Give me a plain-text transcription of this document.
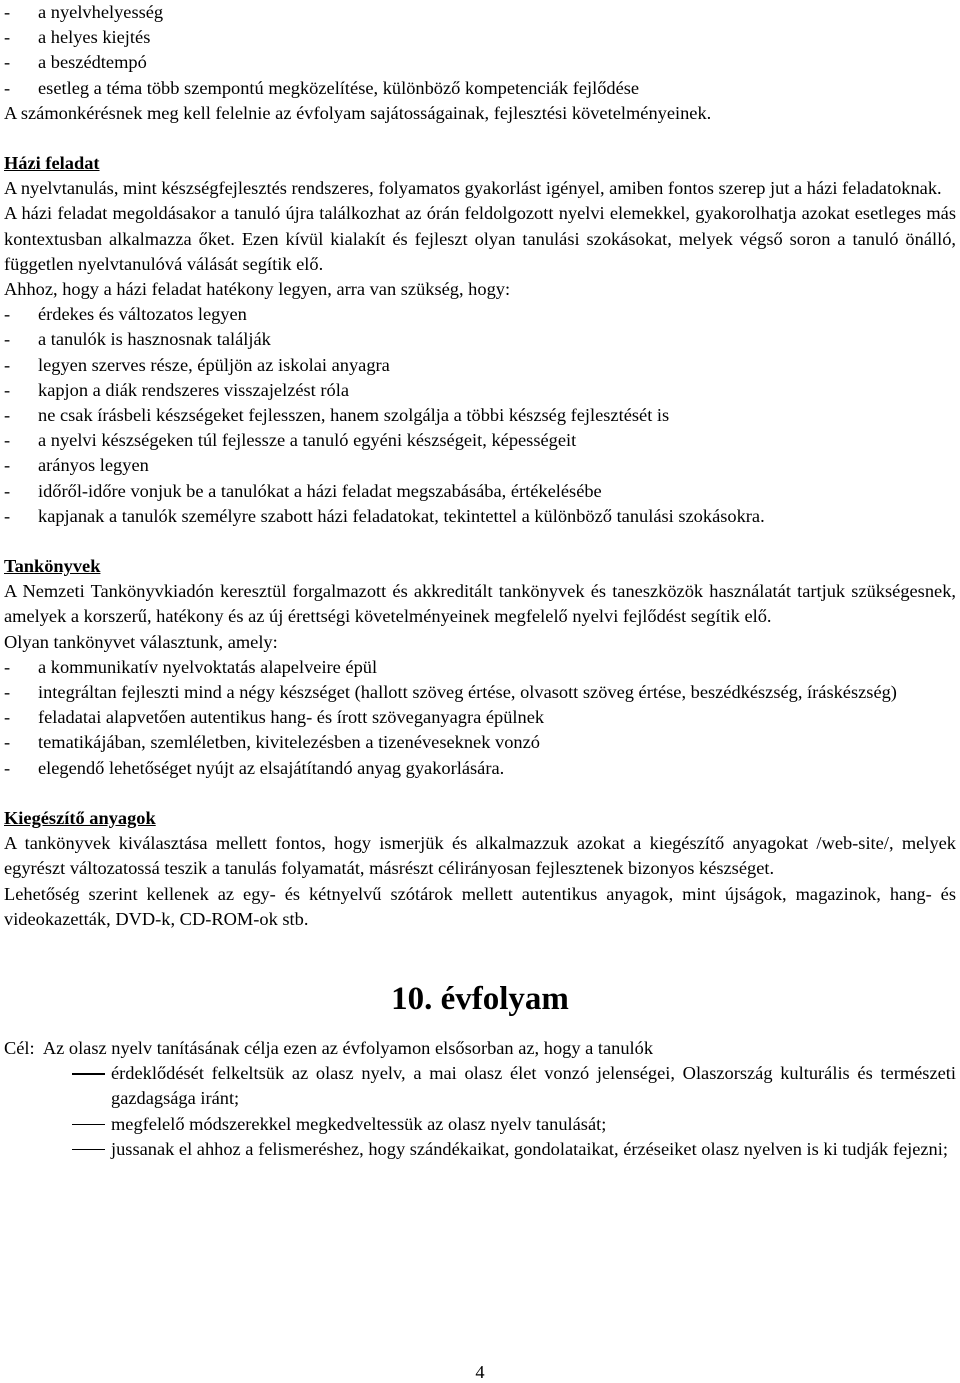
-	a nyelvhelyesség
-	a helyes kiejtés
-	a beszédtempó
-	esetleg a téma több szempontú megközelítése, különböző kompetenciák fejlődése

A számonkérésnek meg kell felelnie az évfolyam sajátosságainak, fejlesztési követelményeinek.

Házi feladat

A nyelvtanulás, mint készségfejlesztés rendszeres, folyamatos gyakorlást igényel, amiben fontos szerep jut a házi feladatoknak.

A házi feladat megoldásakor a tanuló újra találkozhat az órán feldolgozott nyelvi elemekkel, gyakorolhatja azokat esetleges más kontextusban alkalmazza őket. Ezen kívül kialakít és fejleszt olyan tanulási szokásokat, melyek végső soron a tanuló önálló, független nyelvtanulóvá válását segítik elő.

Ahhoz, hogy a házi feladat hatékony legyen, arra van szükség, hogy:

-	érdekes és változatos legyen
-	a tanulók is hasznosnak találják
-	legyen szerves része, épüljön az iskolai anyagra
-	kapjon a diák rendszeres visszajelzést róla
-	ne csak írásbeli készségeket fejlesszen, hanem szolgálja a többi készség fejlesztését is
-	a nyelvi készségeken túl fejlessze a tanuló egyéni készségeit, képességeit
-	arányos legyen
-	időről-időre vonjuk be a tanulókat a házi feladat megszabásába, értékelésébe
-	kapjanak a tanulók személyre szabott házi feladatokat, tekintettel a különböző tanulási szokásokra.

Tankönyvek

A Nemzeti Tankönyvkiadón keresztül forgalmazott és akkreditált tankönyvek és taneszközök használatát tartjuk szükségesnek, amelyek a korszerű, hatékony és az új érettségi követelményeinek megfelelő nyelvi fejlődést segítik elő.

Olyan tankönyvet választunk, amely:

-	a kommunikatív nyelvoktatás alapelveire épül
-	integráltan fejleszti mind a négy készséget (hallott szöveg értése, olvasott szöveg értése, beszédkészség, íráskészség)
-	feladatai alapvetően autentikus hang- és írott szöveganyagra épülnek
-	tematikájában, szemléletben, kivitelezésben a tizenéveseknek vonzó
-	elegendő lehetőséget nyújt az elsajátítandó anyag gyakorlására.

Kiegészítő anyagok

A tankönyvek kiválasztása mellett fontos, hogy ismerjük és alkalmazzuk azokat a kiegészítő anyagokat /web-site/, melyek egyrészt változatossá teszik a tanulás folyamatát, másrészt célirányosan fejlesztenek bizonyos készséget.

Lehetőség szerint kellenek az egy- és kétnyelvű szótárok mellett autentikus anyagok, mint újságok, magazinok, hang- és videokazetták, DVD-k, CD-ROM-ok stb.

10. évfolyam

Cél:  Az olasz nyelv tanításának célja ezen az évfolyamon elsősorban az, hogy a tanulók

érdeklődését felkeltsük az olasz nyelv, a mai olasz élet vonzó jelenségei, Olaszország kulturális és természeti gazdagsága iránt;
megfelelő módszerekkel megkedveltessük az olasz nyelv tanulását;
jussanak el ahhoz a felismeréshez, hogy szándékaikat, gondolataikat, érzéseiket olasz nyelven is ki tudják fejezni;
4
